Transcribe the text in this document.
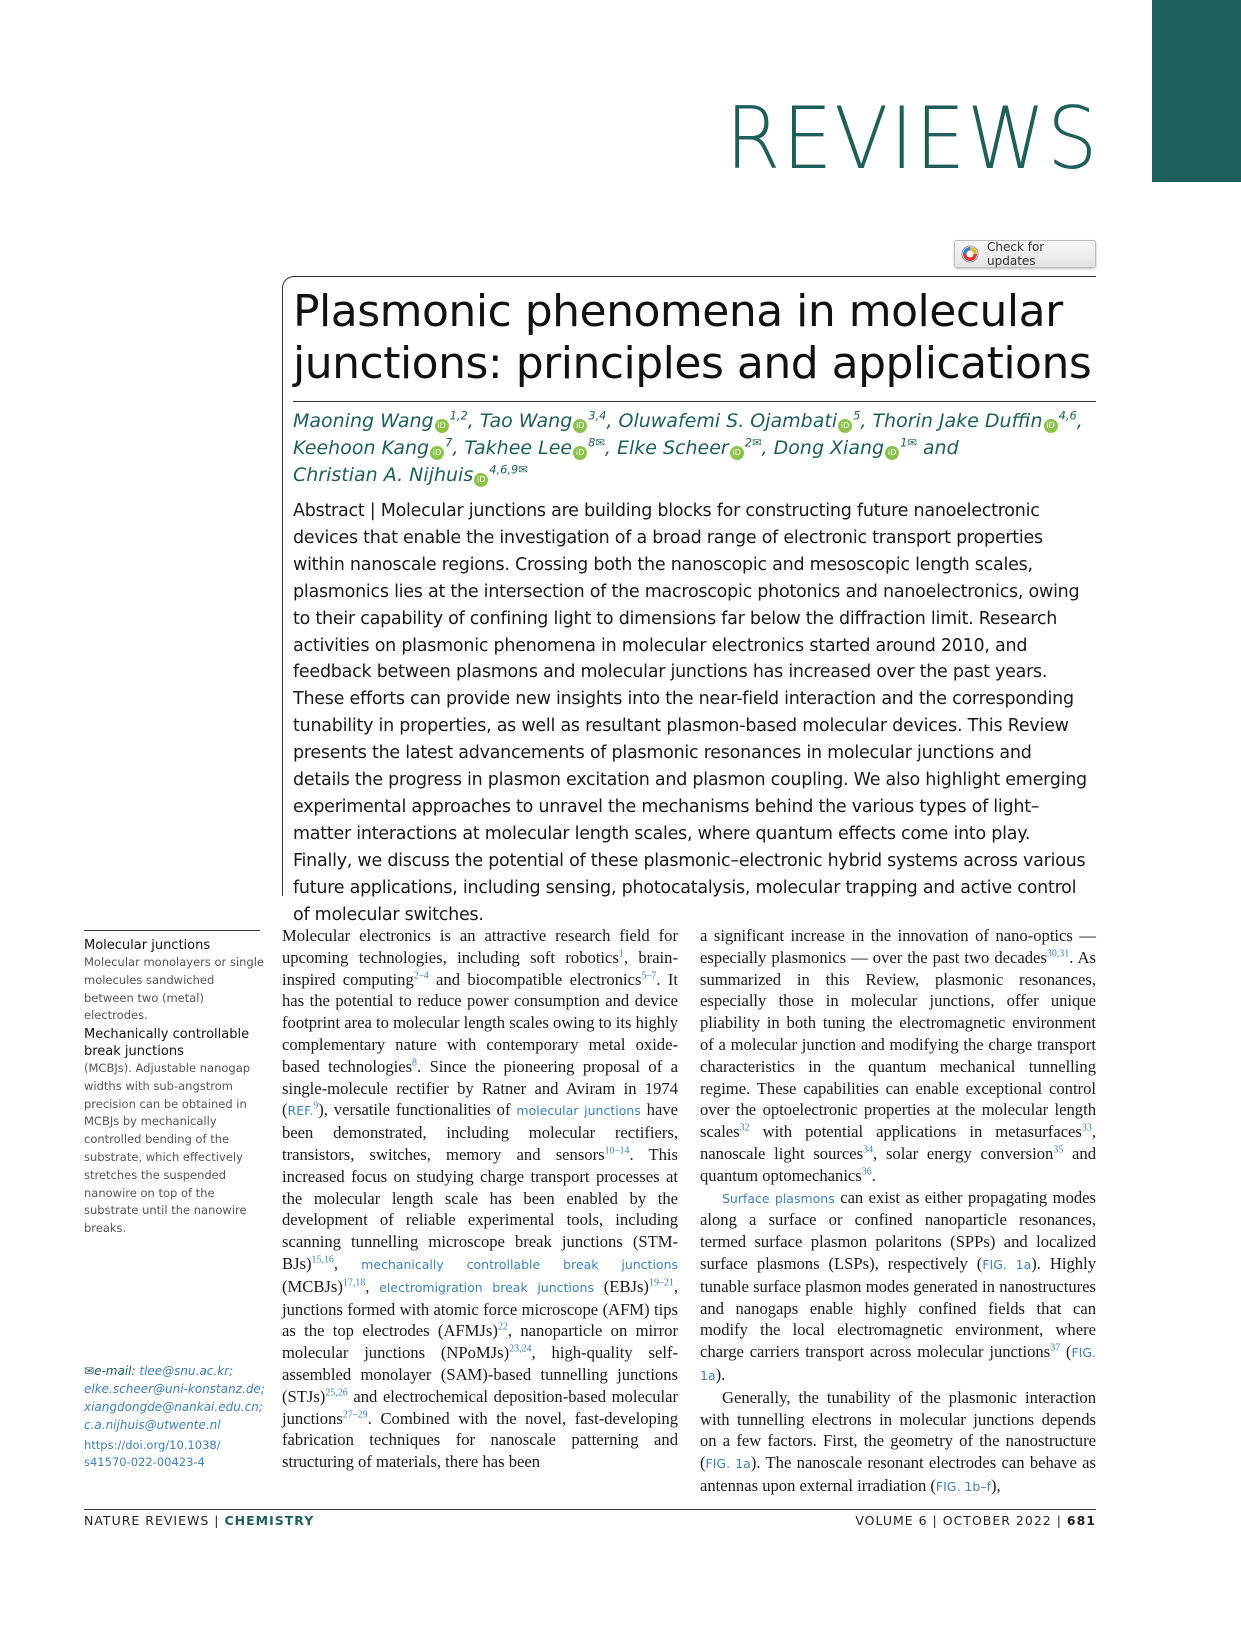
REVIEWS
Check for updates
Plasmonic phenomena in molecular junctions: principles and applications
Maoning Wang iD$^{1,2}$, Tao Wang iD$^{3,4}$, Oluwafemi S. Ojambati $iD^5$, Thorin Jake Duffin iD$^{4,6}$,
Keehoon Kang $iD^7$, Takhee Lee $iD^{8✉}$, Elke Scheer $iD^{2✉}$, Dong Xiang $iD^{1✉}$ and
Christian A. Nijhuis $iD^{4,6,9✉}$
Abstract | Molecular junctions are building blocks for constructing future nanoelectronic devices that enable the investigation of a broad range of electronic transport properties within nanoscale regions. Crossing both the nanoscopic and mesoscopic length scales, plasmonics lies at the intersection of the macroscopic photonics and nanoelectronics, owing to their capability of confining light to dimensions far below the diffraction limit. Research activities on plasmonic phenomena in molecular electronics started around 2010, and feedback between plasmons and molecular junctions has increased over the past years. These efforts can provide new insights into the near-field interaction and the corresponding tunability in properties, as well as resultant plasmon-based molecular devices. This Review presents the latest advancements of plasmonic resonances in molecular junctions and details the progress in plasmon excitation and plasmon coupling. We also highlight emerging experimental approaches to unravel the mechanisms behind the various types of light–matter interactions at molecular length scales, where quantum effects come into play. Finally, we discuss the potential of these plasmonic–electronic hybrid systems across various future applications, including sensing, photocatalysis, molecular trapping and active control of molecular switches.
Molecular junctions
Molecular monolayers or single molecules sandwiched between two (metal) electrodes.
Mechanically controllable break junctions
(MCBJs). Adjustable nanogap widths with sub-angstrom precision can be obtained in MCBJs by mechanically controlled bending of the substrate, which effectively stretches the suspended nanowire on top of the substrate until the nanowire breaks.
✉e-mail: tlee@snu.ac.kr;
elke.scheer@uni-konstanz.de;
xiangdongde@nankai.edu.cn;
c.a.nijhuis@utwente.nl
https://doi.org/10.1038/
s41570-022-00423-4

Molecular electronics is an attractive research field for upcoming technologies, including soft robotics$^1$, brain-inspired computing$^{2-4}$ and biocompatible electronics$^{5-7}$. It has the potential to reduce power consumption and device footprint area to molecular length scales owing to its highly complementary nature with contemporary metal oxide-based technologies$^8$. Since the pioneering proposal of a single-molecule rectifier by Ratner and Aviram in 1974 (REF.$^9$), versatile functionalities of molecular junctions have been demonstrated, including molecular rectifiers, transistors, switches, memory and sensors$^{10-14}$. This increased focus on studying charge transport processes at the molecular length scale has been enabled by the development of reliable experimental tools, including scanning tunnelling microscope break junctions (STM-BJs)$^{15,16}$, mechanically controllable break junctions (MCBJs)$^{17,18}$, electromigration break junctions (EBJs)$^{19-21}$, junctions formed with atomic force microscope (AFM) tips as the top electrodes (AFMJs)$^{22}$, nanoparticle on mirror molecular junctions (NPoMJs)$^{23,24}$, high-quality self-assembled monolayer (SAM)-based tunnelling junctions (STJs)$^{25,26}$ and electrochemical deposition-based molecular junctions$^{27-29}$. Combined with the novel, fast-developing fabrication techniques for nanoscale patterning and structuring of materials, there has been

a significant increase in the innovation of nano-optics — especially plasmonics — over the past two decades$^{30,31}$. As summarized in this Review, plasmonic resonances, especially those in molecular junctions, offer unique pliability in both tuning the electromagnetic environment of a molecular junction and modifying the charge transport characteristics in the quantum mechanical tunnelling regime. These capabilities can enable exceptional control over the optoelectronic properties at the molecular length scales$^{32}$ with potential applications in metasurfaces$^{33}$, nanoscale light sources$^{34}$, solar energy conversion$^{35}$ and quantum optomechanics$^{36}$.

Surface plasmons can exist as either propagating modes along a surface or confined nanoparticle resonances, termed surface plasmon polaritons (SPPs) and localized surface plasmons (LSPs), respectively (FIG. 1a). Highly tunable surface plasmon modes generated in nanostructures and nanogaps enable highly confined fields that can modify the local electromagnetic environment, where charge carriers transport across molecular junctions$^{37}$ (FIG. 1a).

Generally, the tunability of the plasmonic interaction with tunnelling electrons in molecular junctions depends on a few factors. First, the geometry of the nanostructure (FIG. 1a). The nanoscale resonant electrodes can behave as antennas upon external irradiation (FIG. 1b–f),

NATURE REVIEWS | CHEMISTRY	VOLUME 6 | OCTOBER 2022 | 681
